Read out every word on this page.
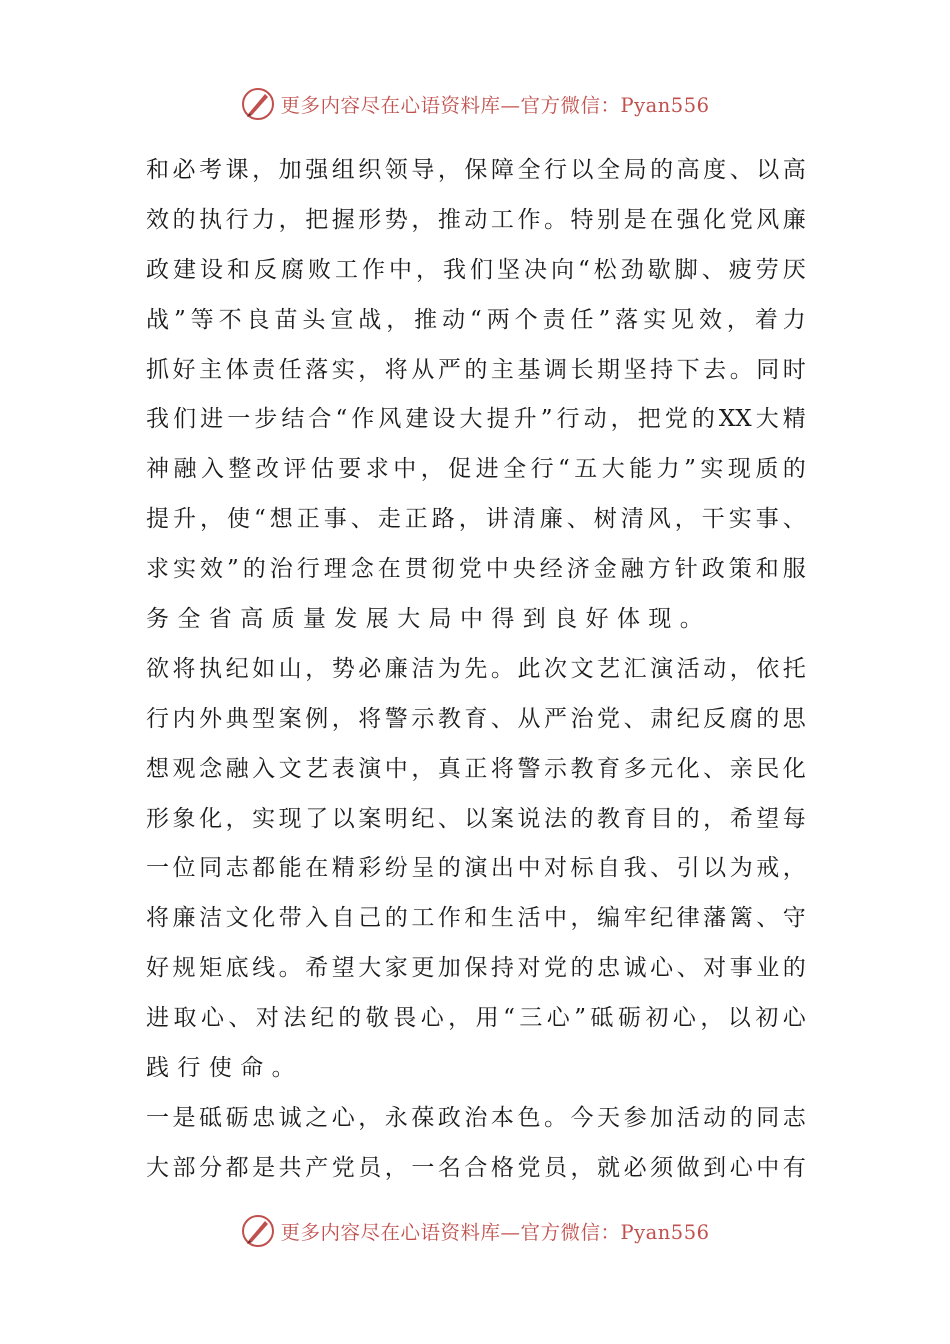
更多内容尽在心语资料库—官方微信：Pyan556
和 必 考 课 ， 加 强 组 织 领 导 ， 保 障 全 行 以 全 局 的 高 度 、 以 高
效 的 执 行 力 ， 把 握 形 势 ， 推 动 工 作 。 特 别 是 在 强 化 党 风 廉
政 建 设 和 反 腐 败 工 作 中 ， 我 们 坚 决 向 “ 松 劲 歇 脚 、 疲 劳 厌
战 ” 等 不 良 苗 头 宣 战 ， 推 动 “ 两 个 责 任 ” 落 实 见 效 ， 着 力
抓 好 主 体 责 任 落 实 ， 将 从 严 的 主 基 调 长 期 坚 持 下 去 。 同 时
我 们 进 一 步 结 合 “ 作 风 建 设 大 提 升 ” 行 动 ， 把 党 的 XX 大 精
神 融 入 整 改 评 估 要 求 中 ， 促 进 全 行 “ 五 大 能 力 ” 实 现 质 的
提 升 ， 使 “ 想 正 事 、 走 正 路 ， 讲 清 廉 、 树 清 风 ， 干 实 事 、
求 实 效 ” 的 治 行 理 念 在 贯 彻 党 中 央 经 济 金 融 方 针 政 策 和 服
务全省高质量发展大局中得到良好体现。
欲 将 执 纪 如 山 ， 势 必 廉 洁 为 先 。 此 次 文 艺 汇 演 活 动 ， 依 托
行 内 外 典 型 案 例 ， 将 警 示 教 育 、 从 严 治 党 、 肃 纪 反 腐 的 思
想 观 念 融 入 文 艺 表 演 中 ， 真 正 将 警 示 教 育 多 元 化 、 亲 民 化
形 象 化 ， 实 现 了 以 案 明 纪 、 以 案 说 法 的 教 育 目 的 ， 希 望 每
一 位 同 志 都 能 在 精 彩 纷 呈 的 演 出 中 对 标 自 我 、 引 以 为 戒 ，
将 廉 洁 文 化 带 入 自 己 的 工 作 和 生 活 中 ， 编 牢 纪 律 藩 篱 、 守
好 规 矩 底 线 。 希 望 大 家 更 加 保 持 对 党 的 忠 诚 心 、 对 事 业 的
进 取 心 、 对 法 纪 的 敬 畏 心 ， 用 “ 三 心 ” 砥 砺 初 心 ， 以 初 心
践行使命。
一 是 砥 砺 忠 诚 之 心 ， 永 葆 政 治 本 色 。 今 天 参 加 活 动 的 同 志
大 部 分 都 是 共 产 党 员 ， 一 名 合 格 党 员 ， 就 必 须 做 到 心 中 有
更多内容尽在心语资料库—官方微信：Pyan556
